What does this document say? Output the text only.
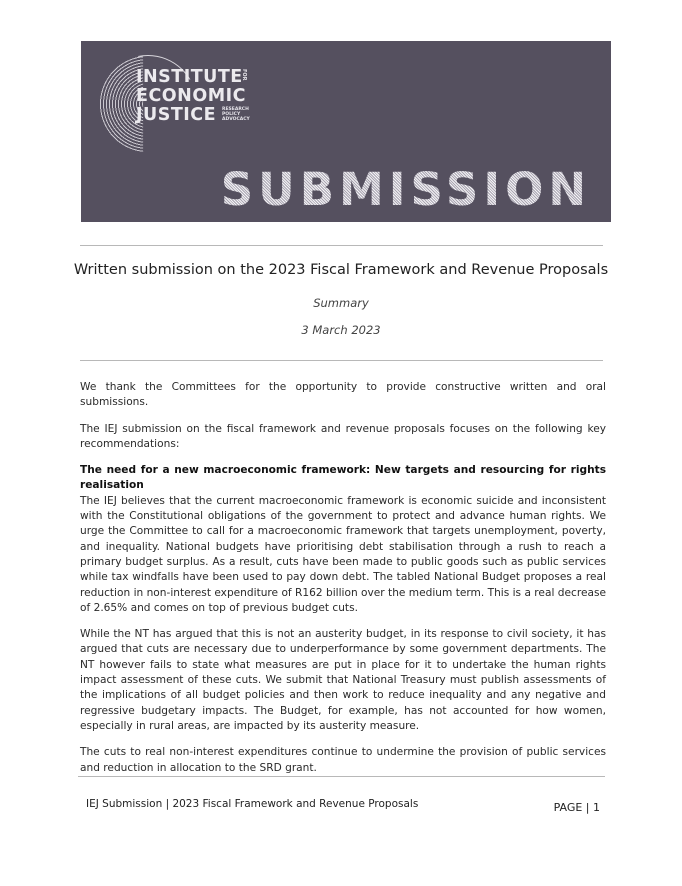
INSTITUTE
ECONOMIC
JUSTICE
FOR
RESEARCH
POLICY
ADVOCACY
SUBMISSION
Written submission on the 2023 Fiscal Framework and Revenue Proposals
Summary
3 March 2023

We thank the Committees for the opportunity to provide constructive written and oral submissions.

The IEJ submission on the fiscal framework and revenue proposals focuses on the following key recommendations:

The need for a new macroeconomic framework: New targets and resourcing for rights realisation

The IEJ believes that the current macroeconomic framework is economic suicide and inconsistent with the Constitutional obligations of the government to protect and advance human rights. We urge the Committee to call for a macroeconomic framework that targets unemployment, poverty, and inequality. National budgets have prioritising debt stabilisation through a rush to reach a primary budget surplus. As a result, cuts have been made to public goods such as public services while tax windfalls have been used to pay down debt. The tabled National Budget proposes a real reduction in non-interest expenditure of R162 billion over the medium term. This is a real decrease of 2.65% and comes on top of previous budget cuts.

While the NT has argued that this is not an austerity budget, in its response to civil society, it has argued that cuts are necessary due to underperformance by some government departments. The NT however fails to state what measures are put in place for it to undertake the human rights impact assessment of these cuts. We submit that National Treasury must publish assessments of the implications of all budget policies and then work to reduce inequality and any negative and regressive budgetary impacts. The Budget, for example, has not accounted for how women, especially in rural areas, are impacted by its austerity measure.

The cuts to real non-interest expenditures continue to undermine the provision of public services and reduction in allocation to the SRD grant.

IEJ Submission | 2023 Fiscal Framework and Revenue Proposals	PAGE | 1
